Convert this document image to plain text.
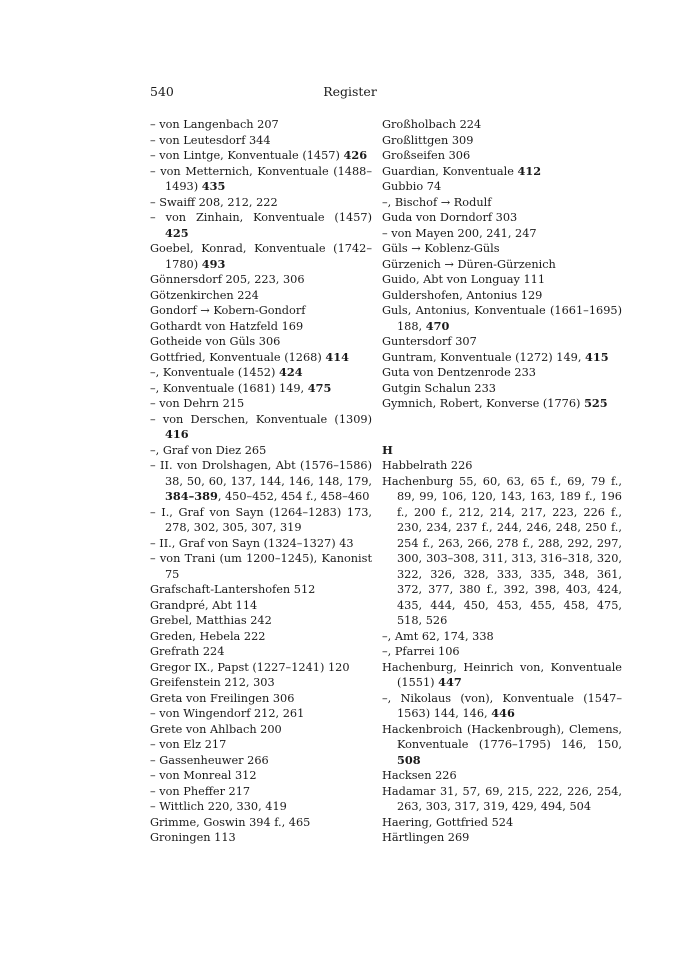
540	Register
– von Langenbach 207
– von Leutesdorf 344
– von Lintge, Konventuale (1457) 426
– von Metternich, Konventuale (1488–1493) 435
– Swaiff 208, 212, 222
– von Zinhain, Konventuale (1457) 425
Goebel, Konrad, Konventuale (1742–1780) 493
Gönnersdorf 205, 223, 306
Götzenkirchen 224
Gondorf → Kobern-Gondorf
Gothardt von Hatzfeld 169
Gotheide von Güls 306
Gottfried, Konventuale (1268) 414
–, Konventuale (1452) 424
–, Konventuale (1681) 149, 475
– von Dehrn 215
– von Derschen, Konventuale (1309) 416
–, Graf von Diez 265
– II. von Drolshagen, Abt (1576–1586) 38, 50, 60, 137, 144, 146, 148, 179, 384–389, 450–452, 454 f., 458–460
– I., Graf von Sayn (1264–1283) 173, 278, 302, 305, 307, 319
– II., Graf von Sayn (1324–1327) 43
– von Trani (um 1200–1245), Kanonist 75
Grafschaft-Lantershofen 512
Grandpré, Abt 114
Grebel, Matthias 242
Greden, Hebela 222
Grefrath 224
Gregor IX., Papst (1227–1241) 120
Greifenstein 212, 303
Greta von Freilingen 306
– von Wingendorf 212, 261
Grete von Ahlbach 200
– von Elz 217
– Gassenheuwer 266
– von Monreal 312
– von Pheffer 217
– Wittlich 220, 330, 419
Grimme, Goswin 394 f., 465
Groningen 113
Großholbach 224
Großlittgen 309
Großseifen 306
Guardian, Konventuale 412
Gubbio 74
–, Bischof → Rodulf
Guda von Dorndorf 303
– von Mayen 200, 241, 247
Güls → Koblenz-Güls
Gürzenich → Düren-Gürzenich
Guido, Abt von Longuay 111
Guldershofen, Antonius 129
Guls, Antonius, Konventuale (1661–1695) 188, 470
Guntersdorf 307
Guntram, Konventuale (1272) 149, 415
Guta von Dentzenrode 233
Gutgin Schalun 233
Gymnich, Robert, Konverse (1776) 525
H
Habbelrath 226
Hachenburg 55, 60, 63, 65 f., 69, 79 f., 89, 99, 106, 120, 143, 163, 189 f., 196 f., 200 f., 212, 214, 217, 223, 226 f., 230, 234, 237 f., 244, 246, 248, 250 f., 254 f., 263, 266, 278 f., 288, 292, 297, 300, 303–308, 311, 313, 316–318, 320, 322, 326, 328, 333, 335, 348, 361, 372, 377, 380 f., 392, 398, 403, 424, 435, 444, 450, 453, 455, 458, 475, 518, 526
–, Amt 62, 174, 338
–, Pfarrei 106
Hachenburg, Heinrich von, Konventuale (1551) 447
–, Nikolaus (von), Konventuale (1547–1563) 144, 146, 446
Hackenbroich (Hackenbrough), Clemens, Konventuale (1776–1795) 146, 150, 508
Hacksen 226
Hadamar 31, 57, 69, 215, 222, 226, 254, 263, 303, 317, 319, 429, 494, 504
Haering, Gottfried 524
Härtlingen 269
